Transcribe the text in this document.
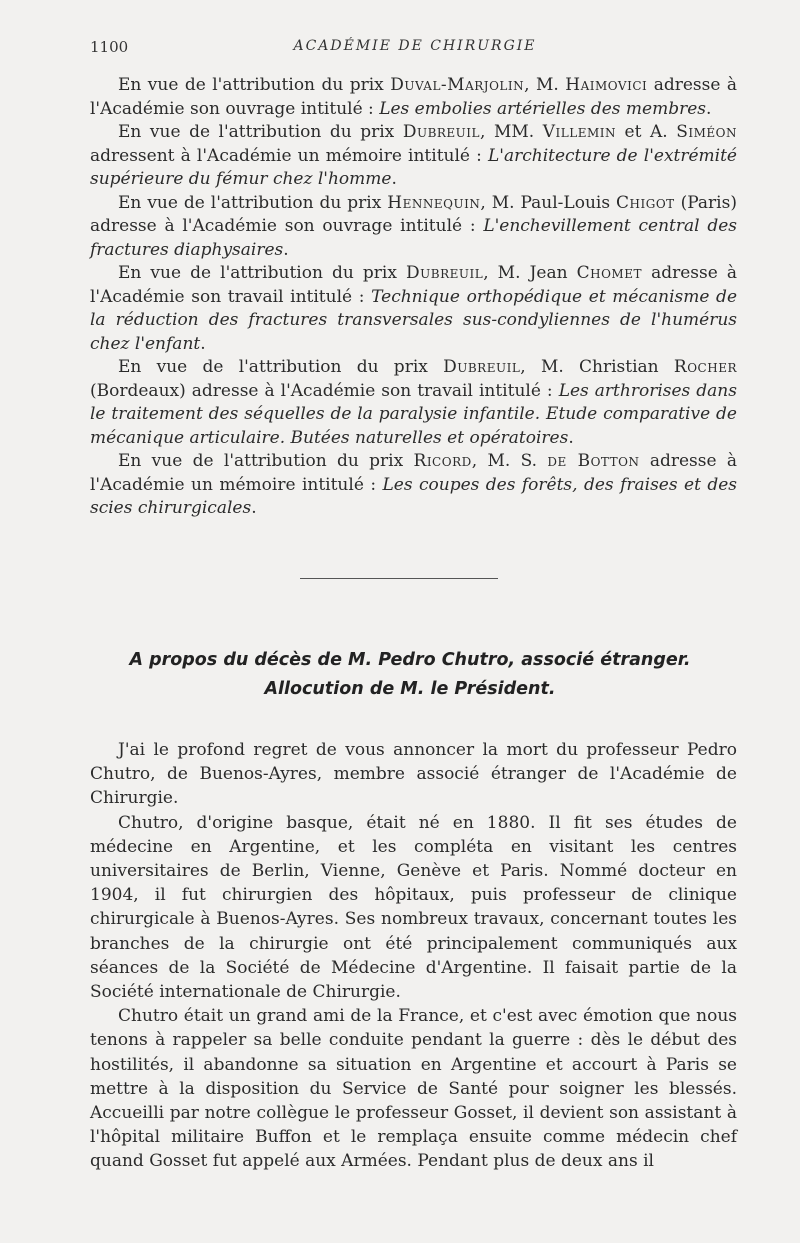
1100	ACADÉMIE DE CHIRURGIE

En vue de l'attribution du prix Duval-Marjolin, M. Haimovici adresse à l'Académie son ouvrage intitulé : Les embolies artérielles des membres.

En vue de l'attribution du prix Dubreuil, MM. Villemin et A. Siméon adressent à l'Académie un mémoire intitulé : L'architecture de l'extrémité supérieure du fémur chez l'homme.

En vue de l'attribution du prix Hennequin, M. Paul-Louis Chigot (Paris) adresse à l'Académie son ouvrage intitulé : L'enchevillement central des fractures diaphysaires.

En vue de l'attribution du prix Dubreuil, M. Jean Chomet adresse à l'Académie son travail intitulé : Technique orthopédique et mécanisme de la réduction des fractures transversales sus-condyliennes de l'humérus chez l'enfant.

En vue de l'attribution du prix Dubreuil, M. Christian Rocher (Bordeaux) adresse à l'Académie son travail intitulé : Les arthrorises dans le traitement des séquelles de la paralysie infantile. Etude comparative de mécanique articulaire. Butées naturelles et opératoires.

En vue de l'attribution du prix Ricord, M. S. de Botton adresse à l'Académie un mémoire intitulé : Les coupes des forêts, des fraises et des scies chirurgicales.

A propos du décès de M. Pedro Chutro, associé étranger.
Allocution de M. le Président.

J'ai le profond regret de vous annoncer la mort du professeur Pedro Chutro, de Buenos-Ayres, membre associé étranger de l'Académie de Chirurgie.

Chutro, d'origine basque, était né en 1880. Il fit ses études de médecine en Argentine, et les compléta en visitant les centres universitaires de Berlin, Vienne, Genève et Paris. Nommé docteur en 1904, il fut chirurgien des hôpitaux, puis professeur de clinique chirurgicale à Buenos-Ayres. Ses nombreux travaux, concernant toutes les branches de la chirurgie ont été principalement communiqués aux séances de la Société de Médecine d'Argentine. Il faisait partie de la Société internationale de Chirurgie.

Chutro était un grand ami de la France, et c'est avec émotion que nous tenons à rappeler sa belle conduite pendant la guerre : dès le début des hostilités, il abandonne sa situation en Argentine et accourt à Paris se mettre à la disposition du Service de Santé pour soigner les blessés. Accueilli par notre collègue le professeur Gosset, il devient son assistant à l'hôpital militaire Buffon et le remplaça ensuite comme médecin chef quand Gosset fut appelé aux Armées. Pendant plus de deux ans il
